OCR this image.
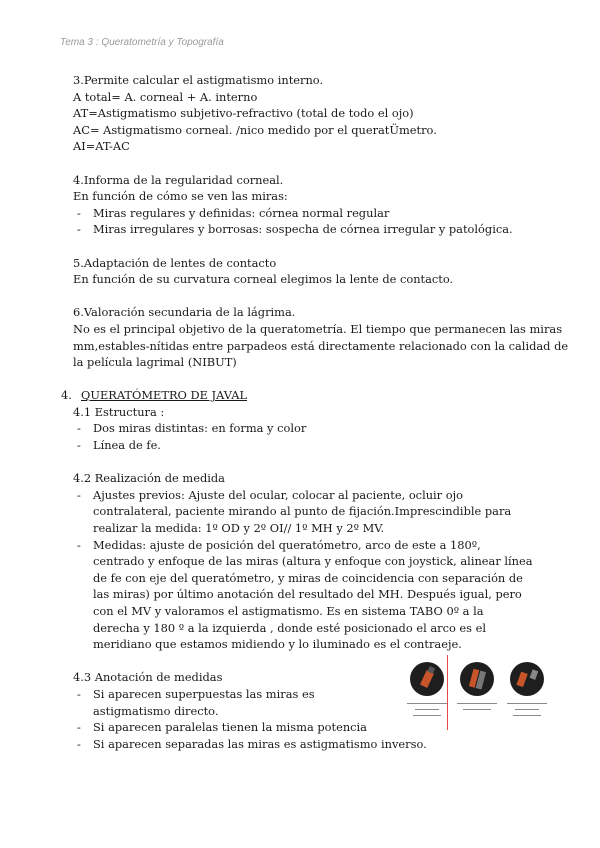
Tema 3 : Queratometría y Topografía
3.Permite calcular el astigmatismo interno.
A total= A. corneal + A. interno
AT=Astigmatismo subjetivo-refractivo (total de todo el ojo)
AC= Astigmatismo corneal. /nico medido por el queratÜmetro.
AI=AT-AC
4.Informa de la regularidad corneal.
En función de cómo se ven las miras:
- Miras regulares y definidas: córnea normal regular
- Miras irregulares y borrosas: sospecha de córnea irregular y patológica.
5.Adaptación de lentes de contacto
En función de su curvatura corneal elegimos la lente de contacto.
6.Valoración secundaria de la lágrima.
No es el principal objetivo de la queratometría. El tiempo que permanecen las miras
mm,estables-nítidas entre parpadeos está directamente relacionado con la calidad de
la película lagrimal (NIBUT)
4. QUERATÓMETRO DE JAVAL
4.1 Estructura :
- Dos miras distintas: en forma y color
- Línea de fe.
4.2 Realización de medida
- Ajustes previos: Ajuste del ocular, colocar al paciente, ocluir ojo contralateral, paciente mirando al punto de fijación.Imprescindible para realizar la medida: 1º OD y 2º OI// 1º MH y 2º MV.
- Medidas: ajuste de posición del queratómetro, arco de este a 180º, centrado y enfoque de las miras (altura y enfoque con joystick, alinear línea de fe con eje del queratómetro, y miras de coincidencia con separación de las miras) por último anotación del resultado del MH. Después igual, pero con el MV y valoramos el astigmatismo. Es en sistema TABO 0º a la derecha y 180 º a la izquierda , donde esté posicionado el arco es el meridiano que estamos midiendo y lo iluminado es el contraeje.
4.3 Anotación de medidas
- Si aparecen superpuestas las miras es astigmatismo directo.
- Si aparecen paralelas tienen la misma potencia
- Si aparecen separadas las miras es astigmatismo inverso.
